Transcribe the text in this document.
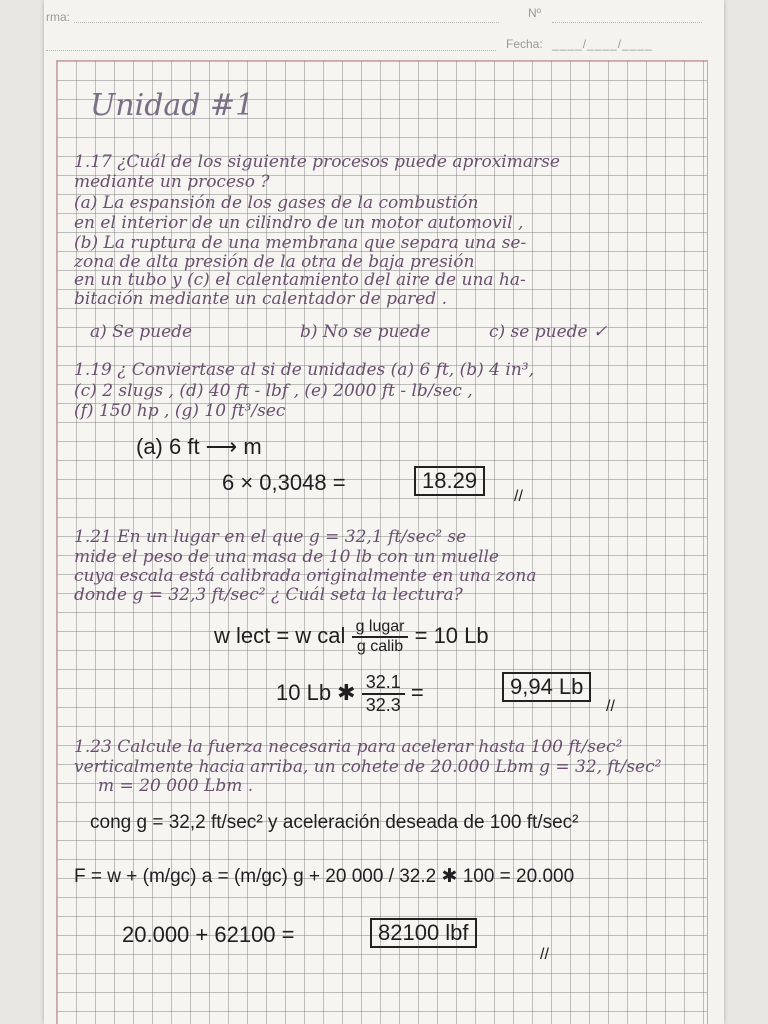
rma:	Nº
Fecha: ____/____/____
Unidad #1
1.17 ¿Cuál de los siguiente procesos puede aproximarse
mediante un proceso ?
(a) La espansión de los gases de la combustión
en el interior de un cilindro de un motor automovil ,
(b) La ruptura de una membrana que separa una se-
zona de alta presión de la otra de baja presión
en un tubo y (c) el calentamiento del aire de una ha-
bitación mediante un calentador de pared .
a) Se puede	b) No se puede	c) se puede ✓
1.19 ¿ Conviertase al si de unidades (a) 6 ft, (b) 4 in³,
(c) 2 slugs , (d) 40 ft - lbf , (e) 2000 ft - lb/sec ,
(f) 150 hp , (g) 10 ft³/sec
(a) 6 ft ⟶ m
6 × 0,3048 =	18.29
//
1.21 En un lugar en el que g = 32,1 ft/sec² se
mide el peso de una masa de 10 lb con un muelle
cuya escala está calibrada originalmente en una zona
donde g = 32,3 ft/sec² ¿ Cuál seta la lectura?
w lect = w cal $\frac{\text{g lugar}}{\text{g calib}} = 10$ Lb
10 Lb ✱ $\frac{32.1}{32.3}$ =	9,94 Lb
//
1.23 Calcule la fuerza necesaria para acelerar hasta 100 ft/sec²
verticalmente hacia arriba, un cohete de 20.000 Lbm g = 32, ft/sec²
m = 20 000 Lbm .
cong g = 32,2 ft/sec² y aceleración deseada de 100 ft/sec²
F = w + (m/gc) a = (m/gc) g + 20 000 / 32.2 ✱ 100 = 20.000
20.000 + 62100 =	82100 lbf
//
